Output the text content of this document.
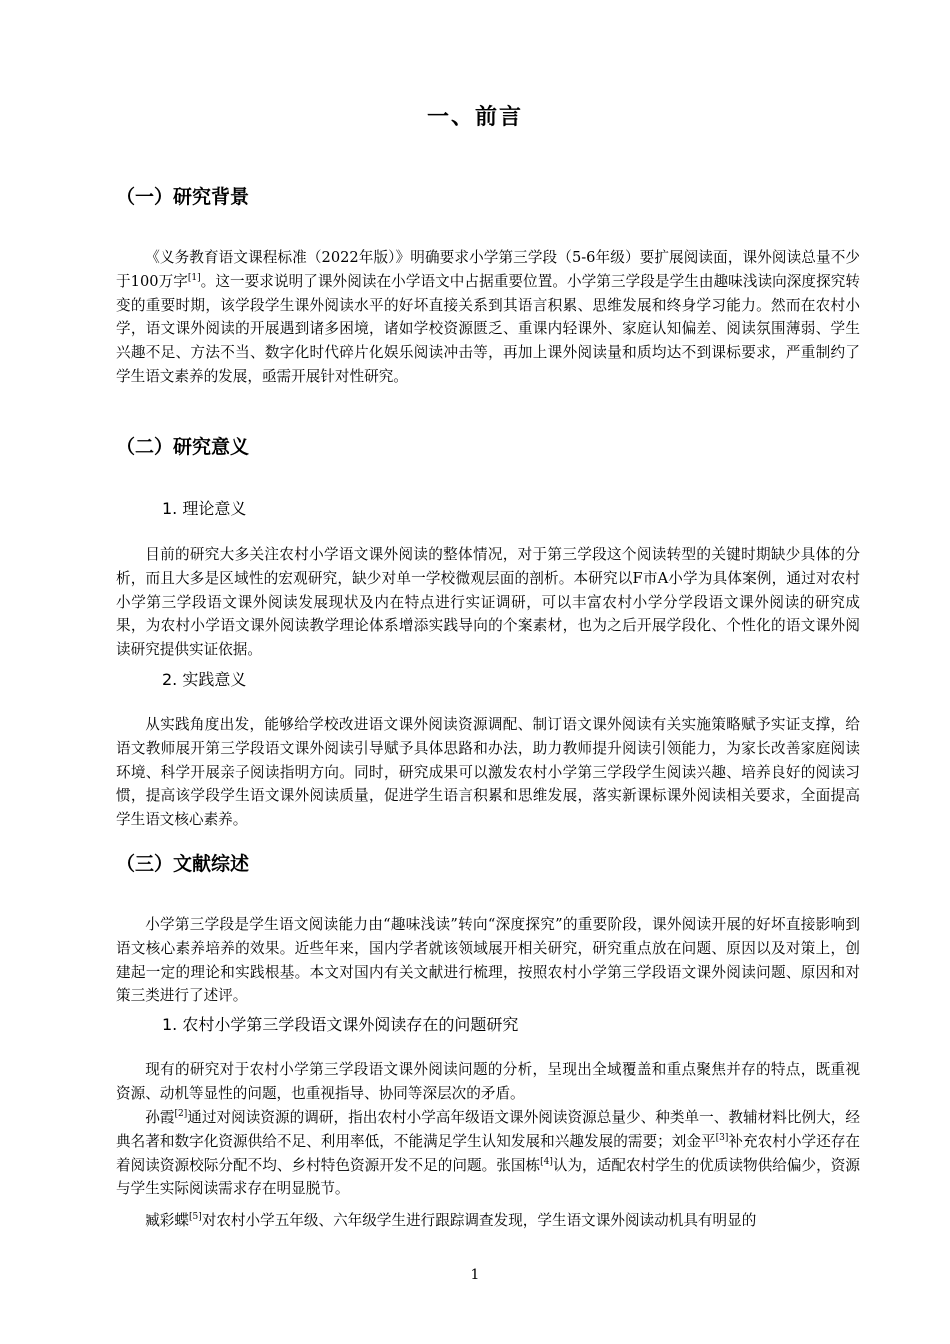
一、前言
（一）研究背景

《义务教育语文课程标准（2022年版）》明确要求小学第三学段（5-6年级）要扩展阅读面，课外阅读总量不少于100万字[1]。这一要求说明了课外阅读在小学语文中占据重要位置。小学第三学段是学生由趣味浅读向深度探究转变的重要时期，该学段学生课外阅读水平的好坏直接关系到其语言积累、思维发展和终身学习能力。然而在农村小学，语文课外阅读的开展遇到诸多困境，诸如学校资源匮乏、重课内轻课外、家庭认知偏差、阅读氛围薄弱、学生兴趣不足、方法不当、数字化时代碎片化娱乐阅读冲击等，再加上课外阅读量和质均达不到课标要求，严重制约了学生语文素养的发展，亟需开展针对性研究。

（二）研究意义
1. 理论意义

目前的研究大多关注农村小学语文课外阅读的整体情况，对于第三学段这个阅读转型的关键时期缺少具体的分析，而且大多是区域性的宏观研究，缺少对单一学校微观层面的剖析。本研究以F市A小学为具体案例，通过对农村小学第三学段语文课外阅读发展现状及内在特点进行实证调研，可以丰富农村小学分学段语文课外阅读的研究成果，为农村小学语文课外阅读教学理论体系增添实践导向的个案素材，也为之后开展学段化、个性化的语文课外阅读研究提供实证依据。

2. 实践意义

从实践角度出发，能够给学校改进语文课外阅读资源调配、制订语文课外阅读有关实施策略赋予实证支撑，给语文教师展开第三学段语文课外阅读引导赋予具体思路和办法，助力教师提升阅读引领能力，为家长改善家庭阅读环境、科学开展亲子阅读指明方向。同时，研究成果可以激发农村小学第三学段学生阅读兴趣、培养良好的阅读习惯，提高该学段学生语文课外阅读质量，促进学生语言积累和思维发展，落实新课标课外阅读相关要求，全面提高学生语文核心素养。

（三）文献综述

小学第三学段是学生语文阅读能力由“趣味浅读”转向“深度探究”的重要阶段，课外阅读开展的好坏直接影响到语文核心素养培养的效果。近些年来，国内学者就该领域展开相关研究，研究重点放在问题、原因以及对策上，创建起一定的理论和实践根基。本文对国内有关文献进行梳理，按照农村小学第三学段语文课外阅读问题、原因和对策三类进行了述评。

1. 农村小学第三学段语文课外阅读存在的问题研究

现有的研究对于农村小学第三学段语文课外阅读问题的分析，呈现出全域覆盖和重点聚焦并存的特点，既重视资源、动机等显性的问题，也重视指导、协同等深层次的矛盾。

孙霞[2]通过对阅读资源的调研，指出农村小学高年级语文课外阅读资源总量少、种类单一、教辅材料比例大，经典名著和数字化资源供给不足、利用率低，不能满足学生认知发展和兴趣发展的需要；刘金平[3]补充农村小学还存在着阅读资源校际分配不均、乡村特色资源开发不足的问题。张国栋[4]认为，适配农村学生的优质读物供给偏少，资源与学生实际阅读需求存在明显脱节。

臧彩蝶[5]对农村小学五年级、六年级学生进行跟踪调查发现，学生语文课外阅读动机具有明显的

1
